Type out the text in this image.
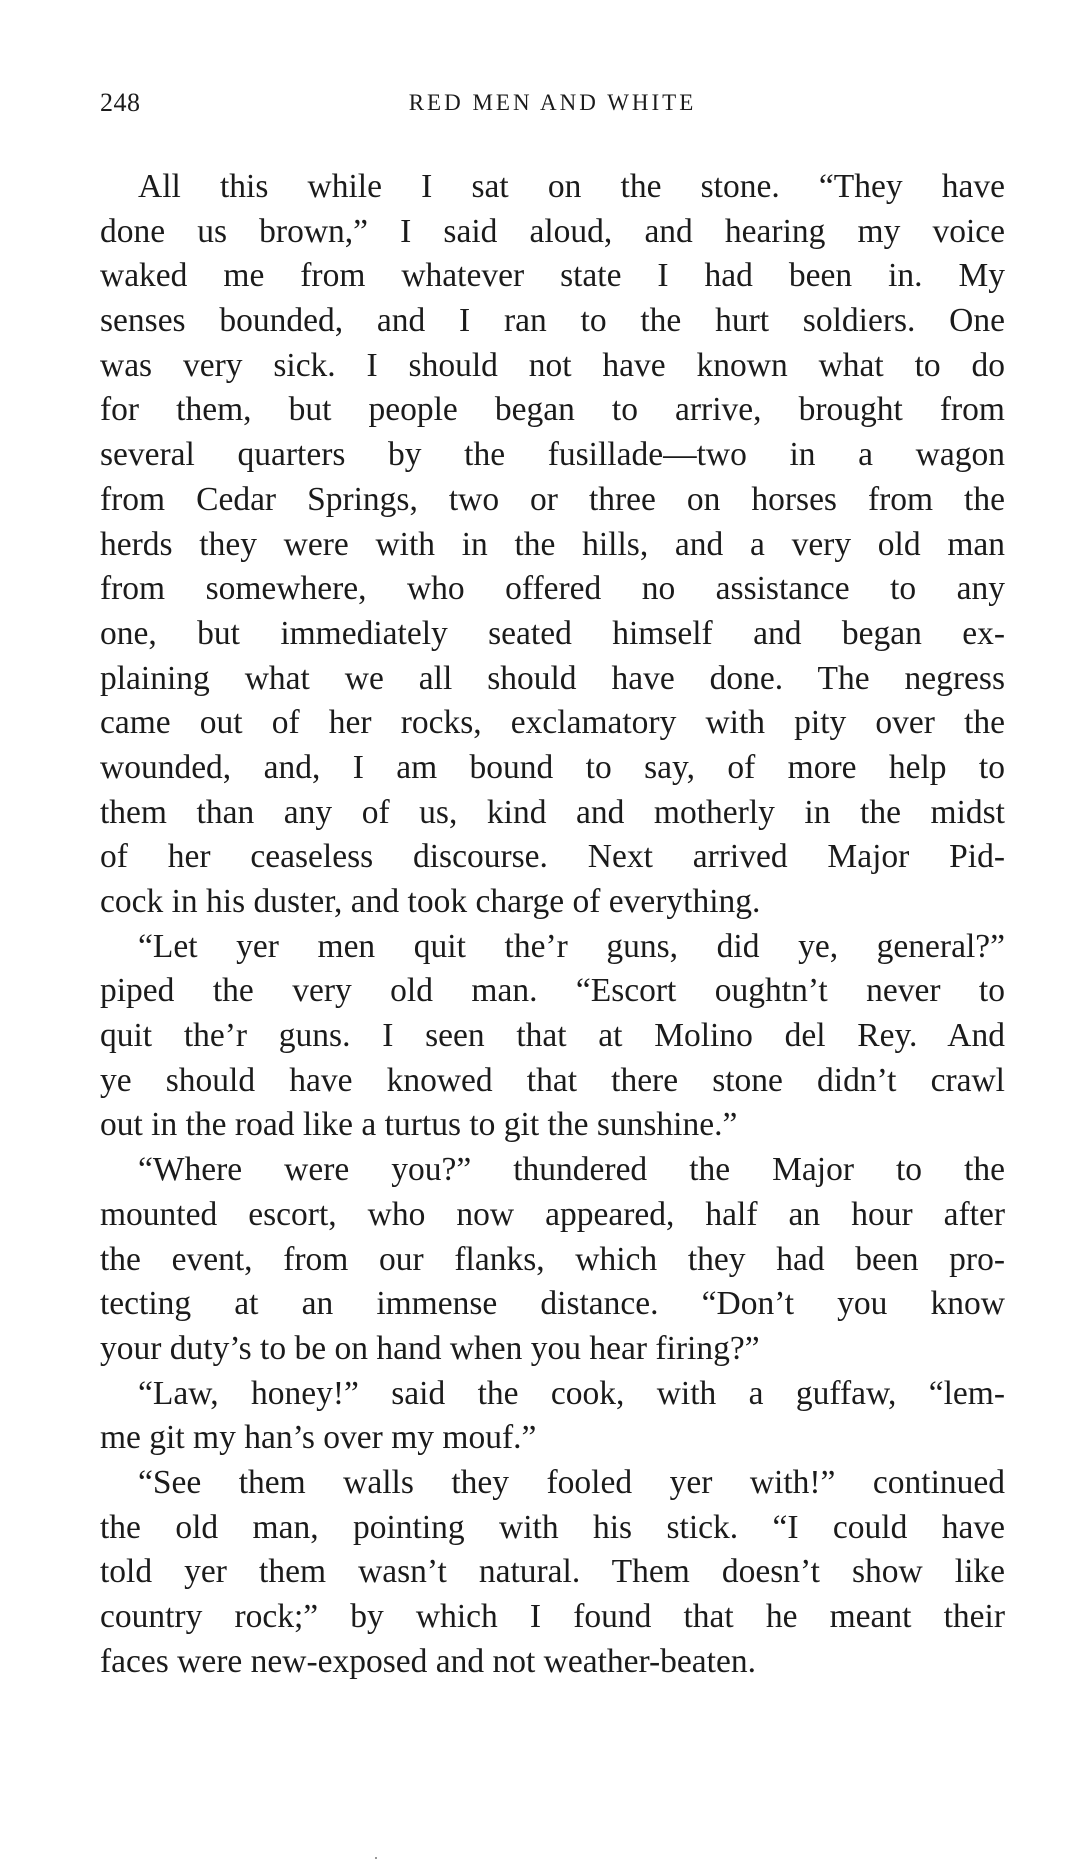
248	RED MEN AND WHITE
All this while I sat on the stone. “They have
done us brown,” I said aloud, and hearing my voice
waked me from whatever state I had been in. My
senses bounded, and I ran to the hurt soldiers. One
was very sick. I should not have known what to do
for them, but people began to arrive, brought from
several quarters by the fusillade—two in a wagon
from Cedar Springs, two or three on horses from the
herds they were with in the hills, and a very old man
from somewhere, who offered no assistance to any
one, but immediately seated himself and began ex-
plaining what we all should have done. The negress
came out of her rocks, exclamatory with pity over the
wounded, and, I am bound to say, of more help to
them than any of us, kind and motherly in the midst
of her ceaseless discourse. Next arrived Major Pid-
cock in his duster, and took charge of everything.
“Let yer men quit the’r guns, did ye, general?”
piped the very old man. “Escort oughtn’t never to
quit the’r guns. I seen that at Molino del Rey. And
ye should have knowed that there stone didn’t crawl
out in the road like a turtus to git the sunshine.”
“Where were you?” thundered the Major to the
mounted escort, who now appeared, half an hour after
the event, from our flanks, which they had been pro-
tecting at an immense distance. “Don’t you know
your duty’s to be on hand when you hear firing?”
“Law, honey!” said the cook, with a guffaw, “lem-
me git my han’s over my mouf.”
“See them walls they fooled yer with!” continued
the old man, pointing with his stick. “I could have
told yer them wasn’t natural. Them doesn’t show like
country rock;” by which I found that he meant their
faces were new-exposed and not weather-beaten.
